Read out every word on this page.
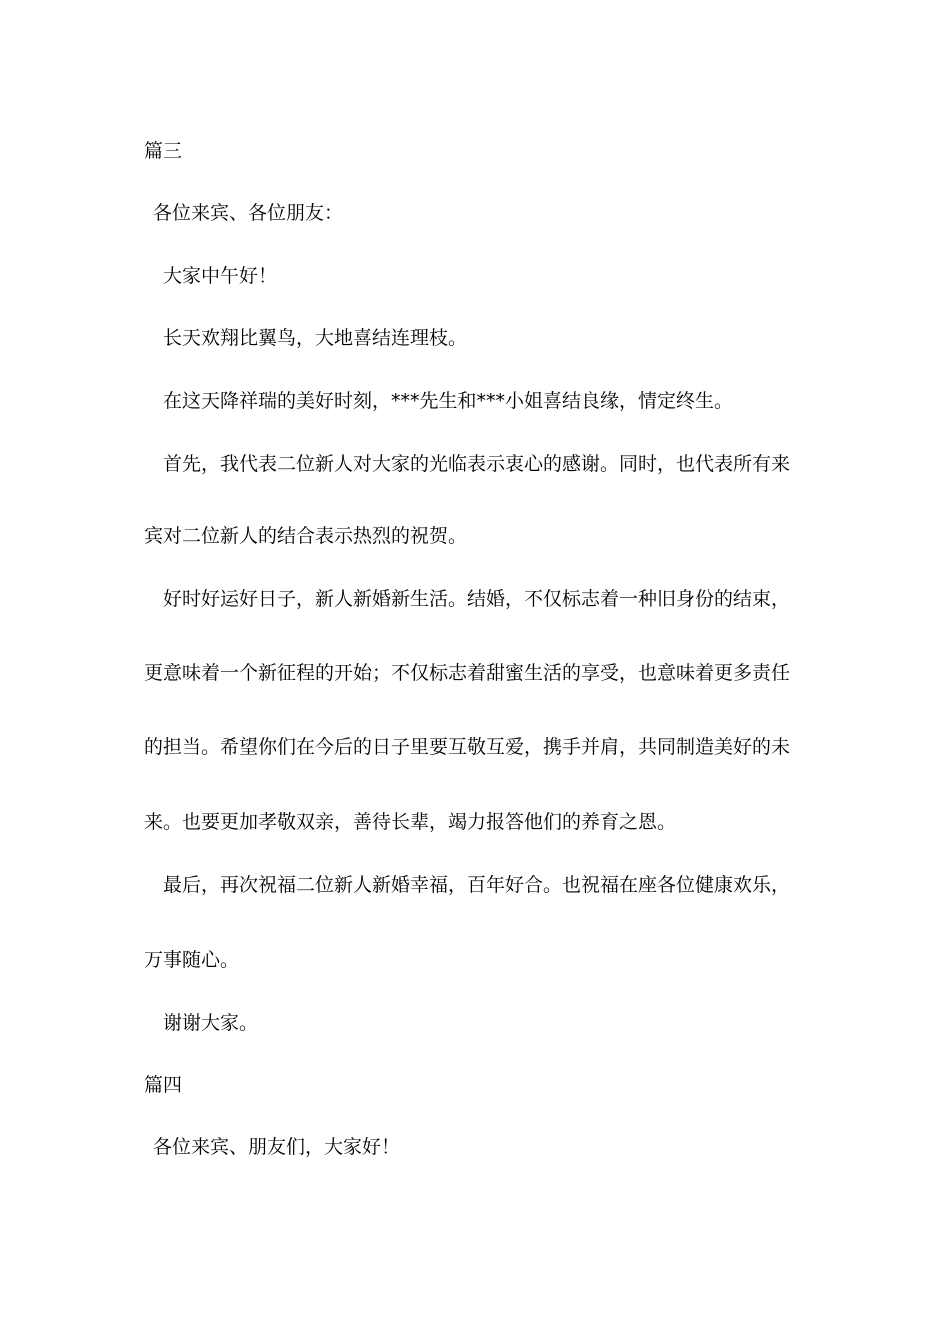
篇三
各位来宾、各位朋友：
大家中午好！
长天欢翔比翼鸟，大地喜结连理枝。
在这天降祥瑞的美好时刻，***先生和***小姐喜结良缘，情定终生。
首先，我代表二位新人对大家的光临表示衷心的感谢。同时，也代表所有来
宾对二位新人的结合表示热烈的祝贺。
好时好运好日子，新人新婚新生活。结婚，不仅标志着一种旧身份的结束，
更意味着一个新征程的开始；不仅标志着甜蜜生活的享受，也意味着更多责任
的担当。希望你们在今后的日子里要互敬互爱，携手并肩，共同制造美好的未
来。也要更加孝敬双亲，善待长辈，竭力报答他们的养育之恩。
最后，再次祝福二位新人新婚幸福，百年好合。也祝福在座各位健康欢乐，
万事随心。
谢谢大家。
篇四
各位来宾、朋友们，大家好！
